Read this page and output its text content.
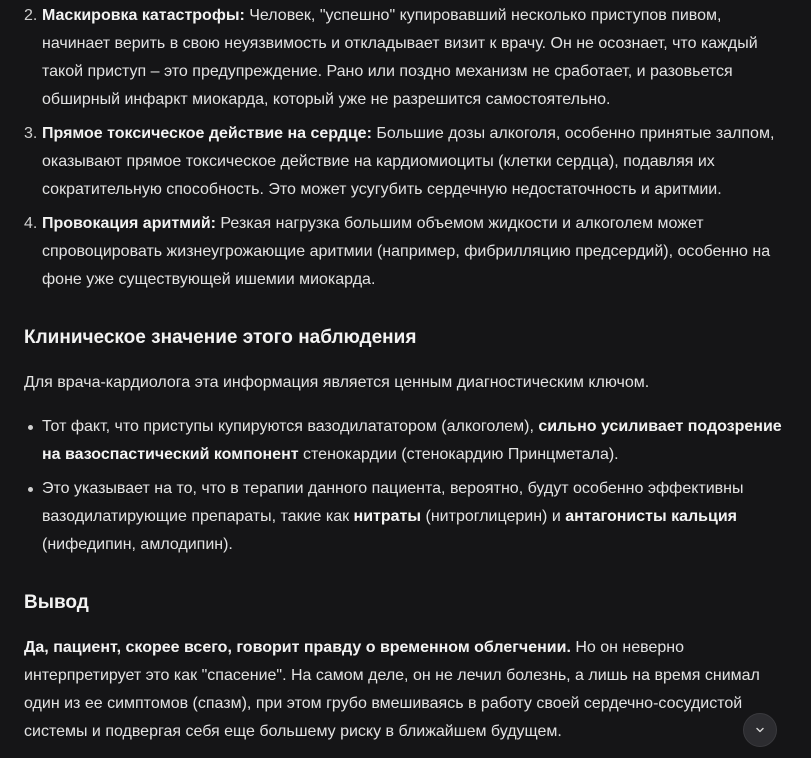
2. Маскировка катастрофы: Человек, "успешно" купировавший несколько приступов пивом, начинает верить в свою неуязвимость и откладывает визит к врачу. Он не осознает, что каждый такой приступ – это предупреждение. Рано или поздно механизм не сработает, и разовьется обширный инфаркт миокарда, который уже не разрешится самостоятельно.
3. Прямое токсическое действие на сердце: Большие дозы алкоголя, особенно принятые залпом, оказывают прямое токсическое действие на кардиомиоциты (клетки сердца), подавляя их сократительную способность. Это может усугубить сердечную недостаточность и аритмии.
4. Провокация аритмий: Резкая нагрузка большим объемом жидкости и алкоголем может спровоцировать жизнеугрожающие аритмии (например, фибрилляцию предсердий), особенно на фоне уже существующей ишемии миокарда.
Клиническое значение этого наблюдения

Для врача-кардиолога эта информация является ценным диагностическим ключом.

Тот факт, что приступы купируются вазодилататором (алкоголем), сильно усиливает подозрение на вазоспастический компонент стенокардии (стенокардию Принцметала).
Это указывает на то, что в терапии данного пациента, вероятно, будут особенно эффективны вазодилатирующие препараты, такие как нитраты (нитроглицерин) и антагонисты кальция (нифедипин, амлодипин).
Вывод

Да, пациент, скорее всего, говорит правду о временном облегчении. Но он неверно интерпретирует это как "спасение". На самом деле, он не лечил болезнь, а лишь на время снимал один из ее симптомов (спазм), при этом грубо вмешиваясь в работу своей сердечно-сосудистой системы и подвергая себя еще большему риску в ближайшем будущем.
